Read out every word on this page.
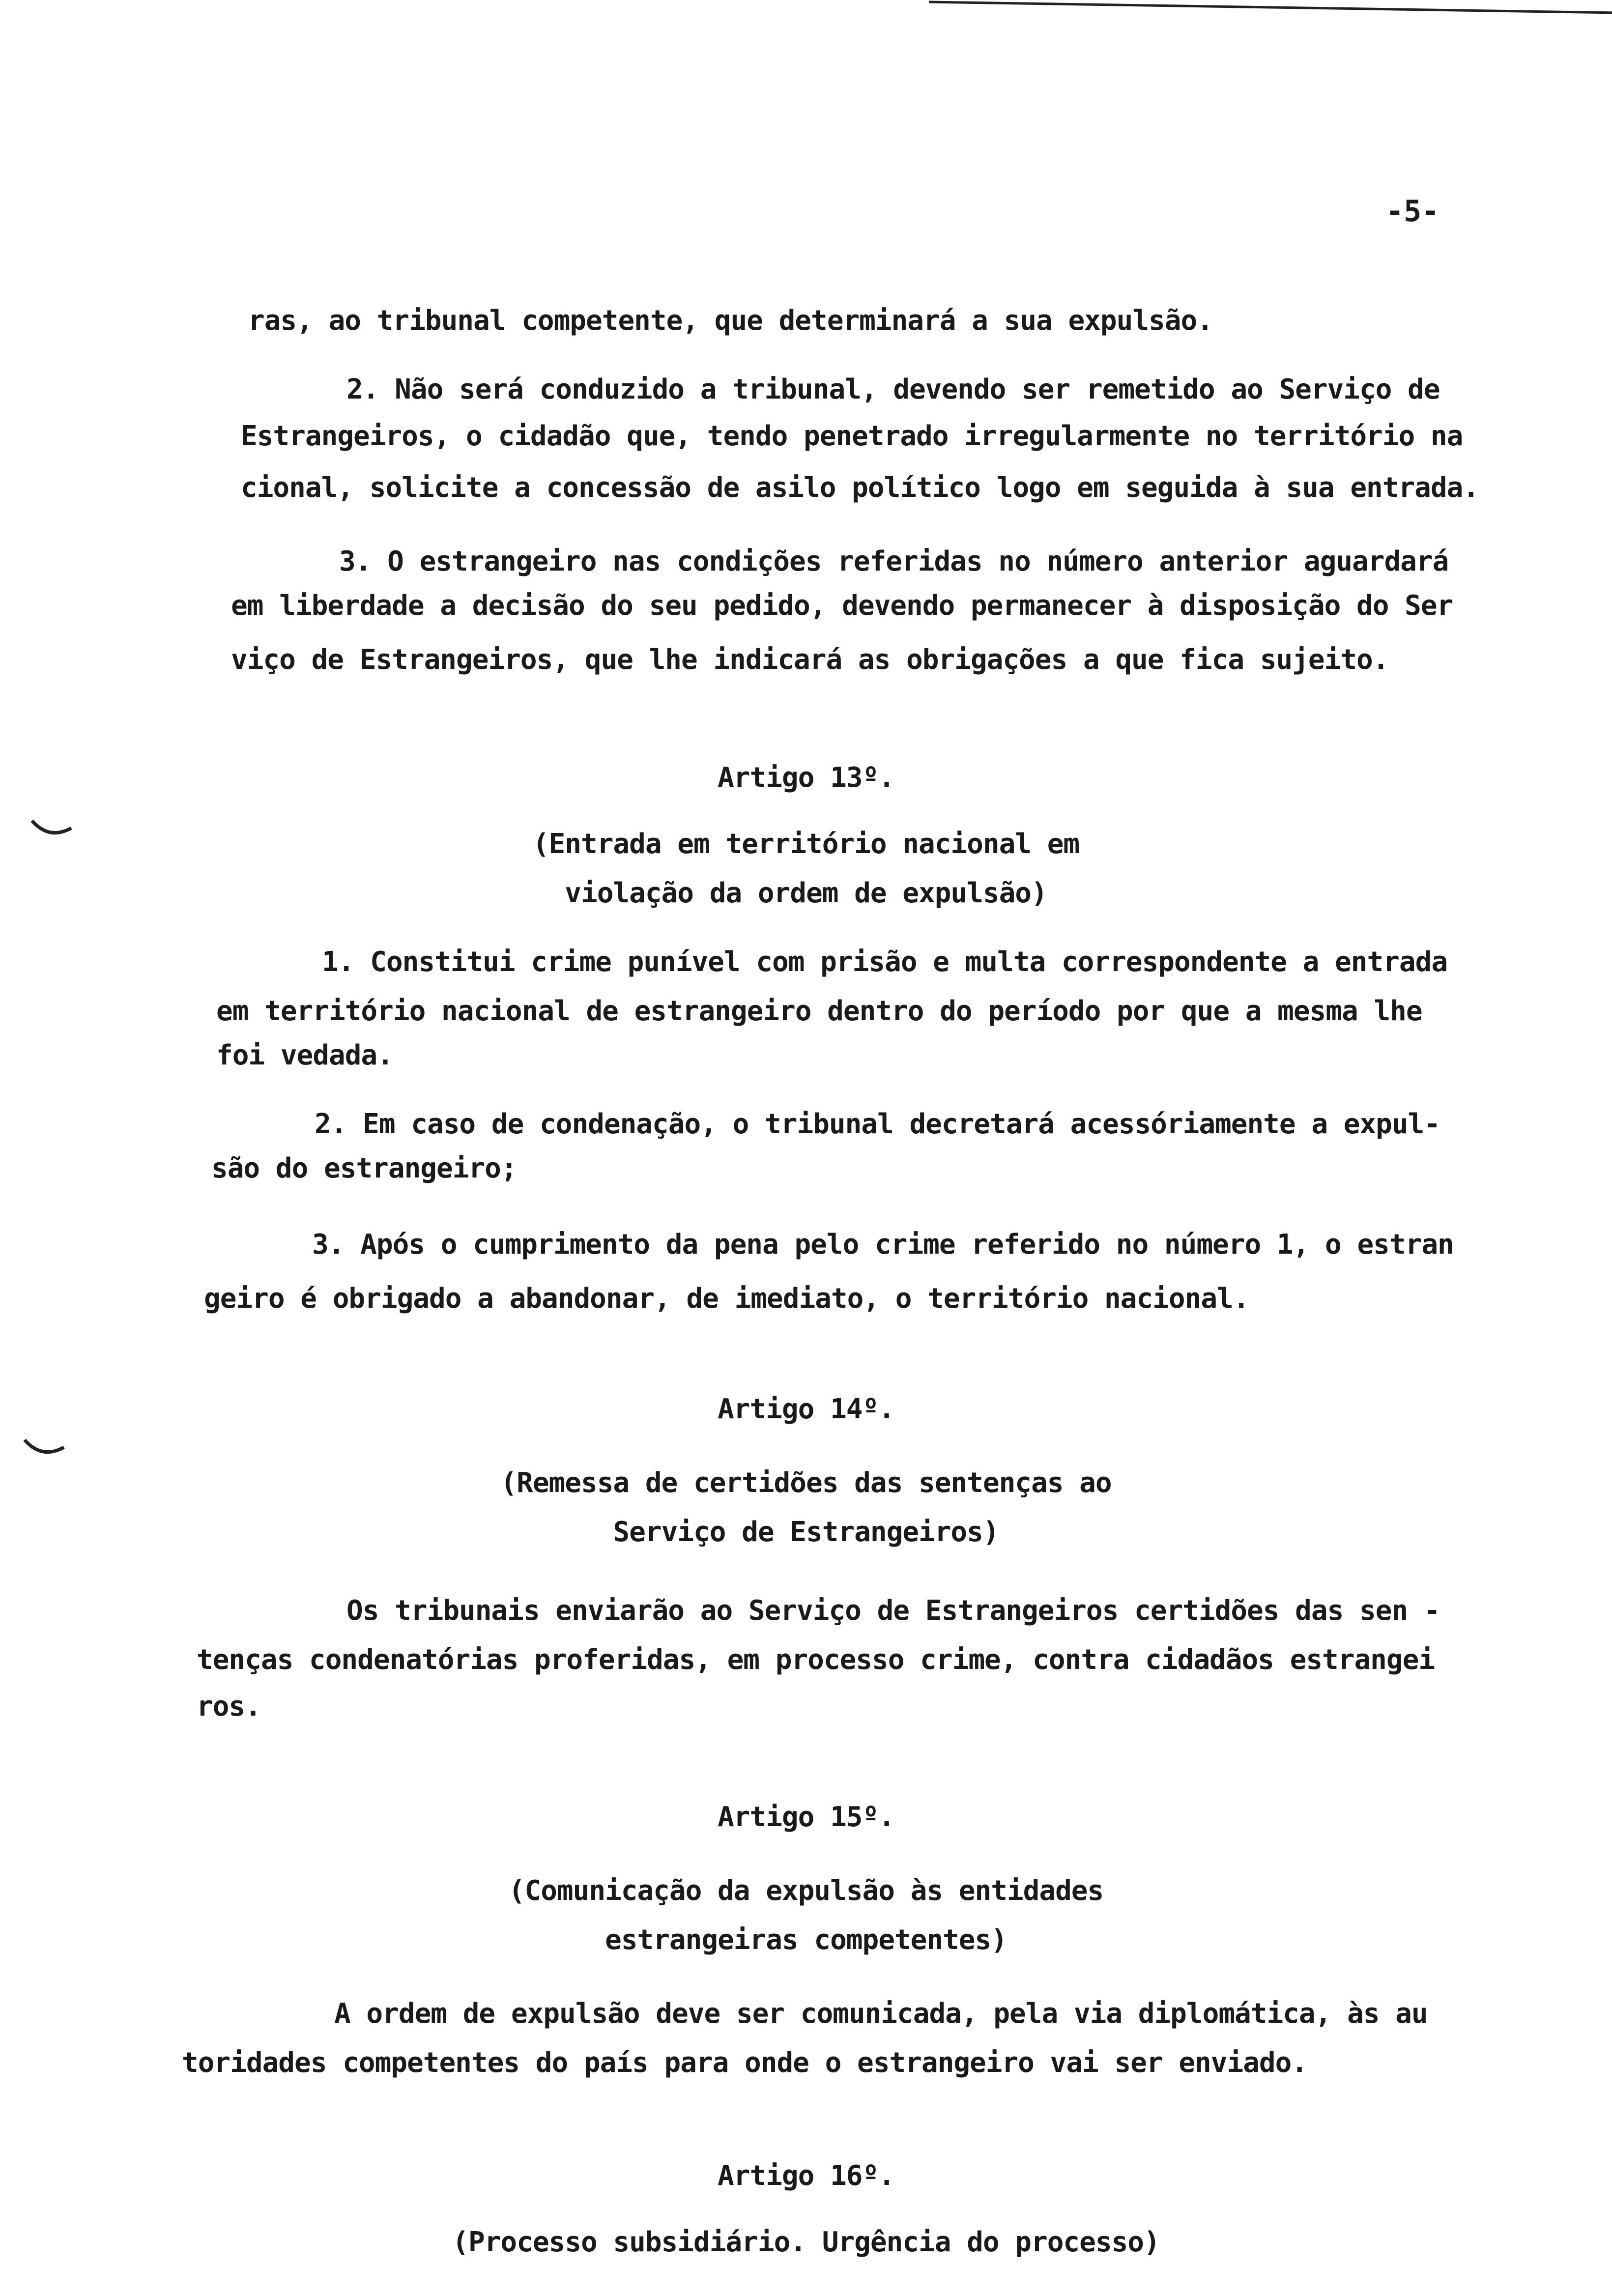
-5-
ras, ao tribunal competente, que determinará a sua expulsão.
2. Não será conduzido a tribunal, devendo ser remetido ao Serviço de
Estrangeiros, o cidadão que, tendo penetrado irregularmente no território na
cional, solicite a concessão de asilo político logo em seguida à sua entrada.
3. O estrangeiro nas condições referidas no número anterior aguardará
em liberdade a decisão do seu pedido, devendo permanecer à disposição do Ser
viço de Estrangeiros, que lhe indicará as obrigações a que fica sujeito.
Artigo 13º.
(Entrada em território nacional em
violação da ordem de expulsão)
1. Constitui crime punível com prisão e multa correspondente a entrada
em território nacional de estrangeiro dentro do período por que a mesma lhe
foi vedada.
2. Em caso de condenação, o tribunal decretará acessóriamente a expul-
são do estrangeiro;
3. Após o cumprimento da pena pelo crime referido no número 1, o estran
geiro é obrigado a abandonar, de imediato, o território nacional.
Artigo 14º.
(Remessa de certidões das sentenças ao
Serviço de Estrangeiros)
Os tribunais enviarão ao Serviço de Estrangeiros certidões das sen -
tenças condenatórias proferidas, em processo crime, contra cidadãos estrangei
ros.
Artigo 15º.
(Comunicação da expulsão às entidades
estrangeiras competentes)
A ordem de expulsão deve ser comunicada, pela via diplomática, às au
toridades competentes do país para onde o estrangeiro vai ser enviado.
Artigo 16º.
(Processo subsidiário. Urgência do processo)
